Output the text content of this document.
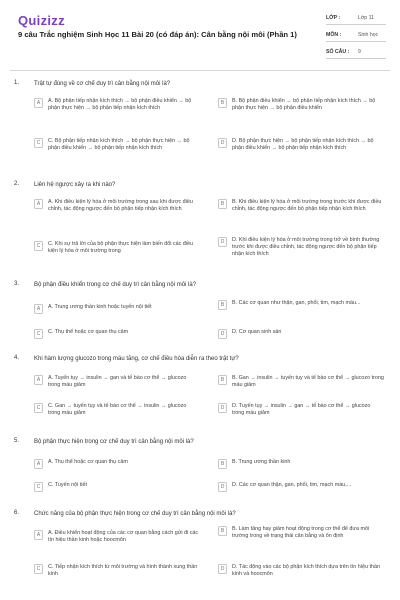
Quizizz
9 câu Trắc nghiệm Sinh Học 11 Bài 20 (có đáp án): Cân bằng nội môi (Phần 1)
LỚP :	Lớp 11
MÔN :	Sinh học
SỐ CÂU :	9
1. Trật tự đúng về cơ chế duy trì cân bằng nội môi là?
A	A. Bộ phận tiếp nhận kích thích → bộ phận điều khiển → bộ phận thực hiện → bộ phận tiếp nhận kích thích
B	B. Bộ phận điều khiển → bộ phận tiếp nhận kích thích → bộ phận thực hiện → bộ phận điều khiển
C	C. Bộ phận tiếp nhận kích thích → bộ phận thực hiện → bộ phận điều khiển → bộ phận tiếp nhận kích thích
D	D. Bộ phận thực hiện → bộ phận tiếp nhận kích thích → bộ phận điều khiển → bộ phận tiếp nhận kích thích
2. Liên hệ ngược xảy ra khi nào?
A	A. Khi điều kiện lý hóa ở môi trường trong sau khi được điều chỉnh, tác động ngược đến bộ phận tiếp nhận kích thích
B	B. Khi điều kiện lý hóa ở môi trường trong trước khi được điều chỉnh, tác động ngược đến bộ phận tiếp nhận kích thích
C	C. Khi sự trả lời của bộ phận thực hiện làm biến đổi các điều kiện lý hóa ở môi trường trong
D	D. Khi điều kiện lý hóa ở môi trường trong trở về bình thường trước khi được điều chỉnh, tác động ngược đến bộ phận tiếp nhận kích thích
3. Bộ phận điều khiển trong cơ chế duy trì cân bằng nội môi là?
A	A. Trung ương thần kinh hoặc tuyến nội tiết	B	B. Các cơ quan như thận, gan, phổi, tim, mạch máu...
C	C. Thụ thể hoặc cơ quan thụ cảm	D	D. Cơ quan sinh sản
4. Khi hàm lượng glucozo trong máu tăng, cơ chế điều hòa diễn ra theo trật tự?
A	A. Tuyến tụy → insulin → gan và tế bào cơ thể → glucozo trong máu giảm
B	B. Gan → insulin → tuyến tụy và tế bào cơ thể → glucozo trong máu giảm
C	C. Gan → tuyến tụy và tế bào cơ thể → insulin → glucozo trong máu giảm
D	D. Tuyến tụy → insulin → gan → tế bào cơ thể → glucozo trong máu giảm
5. Bộ phận thực hiện trong cơ chế duy trì cân bằng nội môi là?
A	A. Thụ thể hoặc cơ quan thụ cảm	B	B. Trung ương thần kinh
C	C. Tuyến nội tiết	D	D. Các cơ quan thận, gan, phổi, tim, mạch máu,...
6. Chức năng của bộ phận thực hiện trong cơ chế duy trì cân bằng nội môi là?
A	A. Điều khiển hoạt động của các cơ quan bằng cách gửi đi các tín hiệu thần kinh hoặc hoocmôn
B	B. Làm tăng hay giảm hoạt động trong cơ thể để đưa môi trường trong về trạng thái cân bằng và ổn định
C	C. Tiếp nhận kích thích từ môi trường và hình thành xung thần kinh
D	D. Tác động vào các bộ phận kích thích dựa trên tín hiệu thần kinh và hoocmôn
